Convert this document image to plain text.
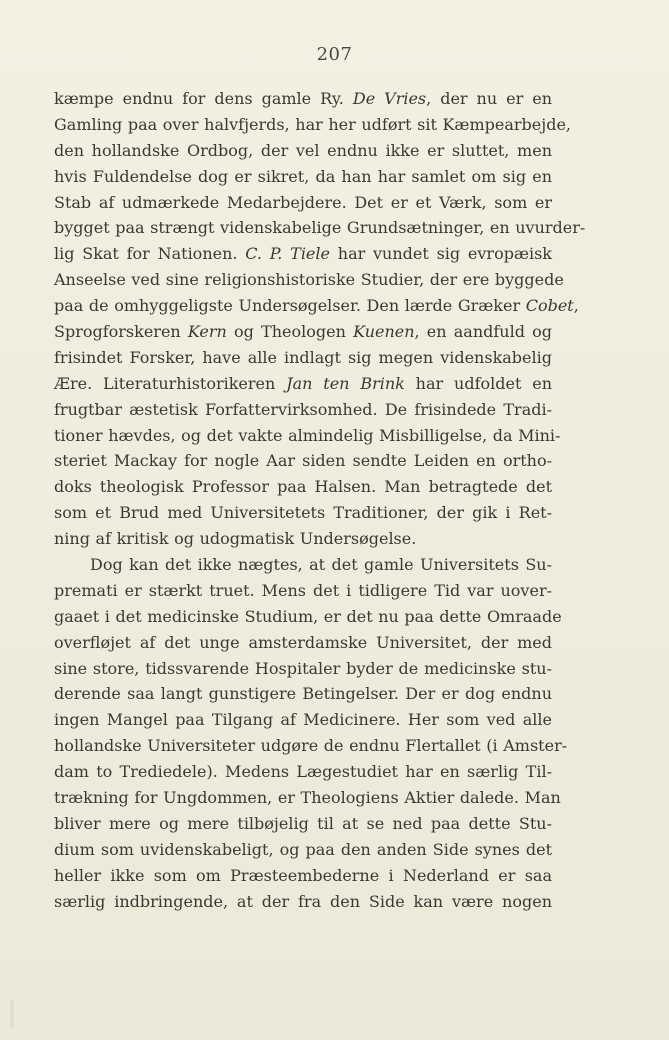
207
kæmpe endnu for dens gamle Ry. De Vries, der nu er en
Gamling paa over halvfjerds, har her udført sit Kæmpearbejde,
den hollandske Ordbog, der vel endnu ikke er sluttet, men
hvis Fuldendelse dog er sikret, da han har samlet om sig en
Stab af udmærkede Medarbejdere. Det er et Værk, som er
bygget paa strængt videnskabelige Grundsætninger, en uvurder-
lig Skat for Nationen. C. P. Tiele har vundet sig evropæisk
Anseelse ved sine religionshistoriske Studier, der ere byggede
paa de omhyggeligste Undersøgelser. Den lærde Græker Cobet,
Sprogforskeren Kern og Theologen Kuenen, en aandfuld og
frisindet Forsker, have alle indlagt sig megen videnskabelig
Ære. Literaturhistorikeren Jan ten Brink har udfoldet en
frugtbar æstetisk Forfattervirksomhed. De frisindede Tradi-
tioner hævdes, og det vakte almindelig Misbilligelse, da Mini-
steriet Mackay for nogle Aar siden sendte Leiden en ortho-
doks theologisk Professor paa Halsen. Man betragtede det
som et Brud med Universitetets Traditioner, der gik i Ret-
ning af kritisk og udogmatisk Undersøgelse.
Dog kan det ikke nægtes, at det gamle Universitets Su-
premati er stærkt truet. Mens det i tidligere Tid var uover-
gaaet i det medicinske Studium, er det nu paa dette Omraade
overfløjet af det unge amsterdamske Universitet, der med
sine store, tidssvarende Hospitaler byder de medicinske stu-
derende saa langt gunstigere Betingelser. Der er dog endnu
ingen Mangel paa Tilgang af Medicinere. Her som ved alle
hollandske Universiteter udgøre de endnu Flertallet (i Amster-
dam to Trediedele). Medens Lægestudiet har en særlig Til-
trækning for Ungdommen, er Theologiens Aktier dalede. Man
bliver mere og mere tilbøjelig til at se ned paa dette Stu-
dium som uvidenskabeligt, og paa den anden Side synes det
heller ikke som om Præsteembederne i Nederland er saa
særlig indbringende, at der fra den Side kan være nogen
